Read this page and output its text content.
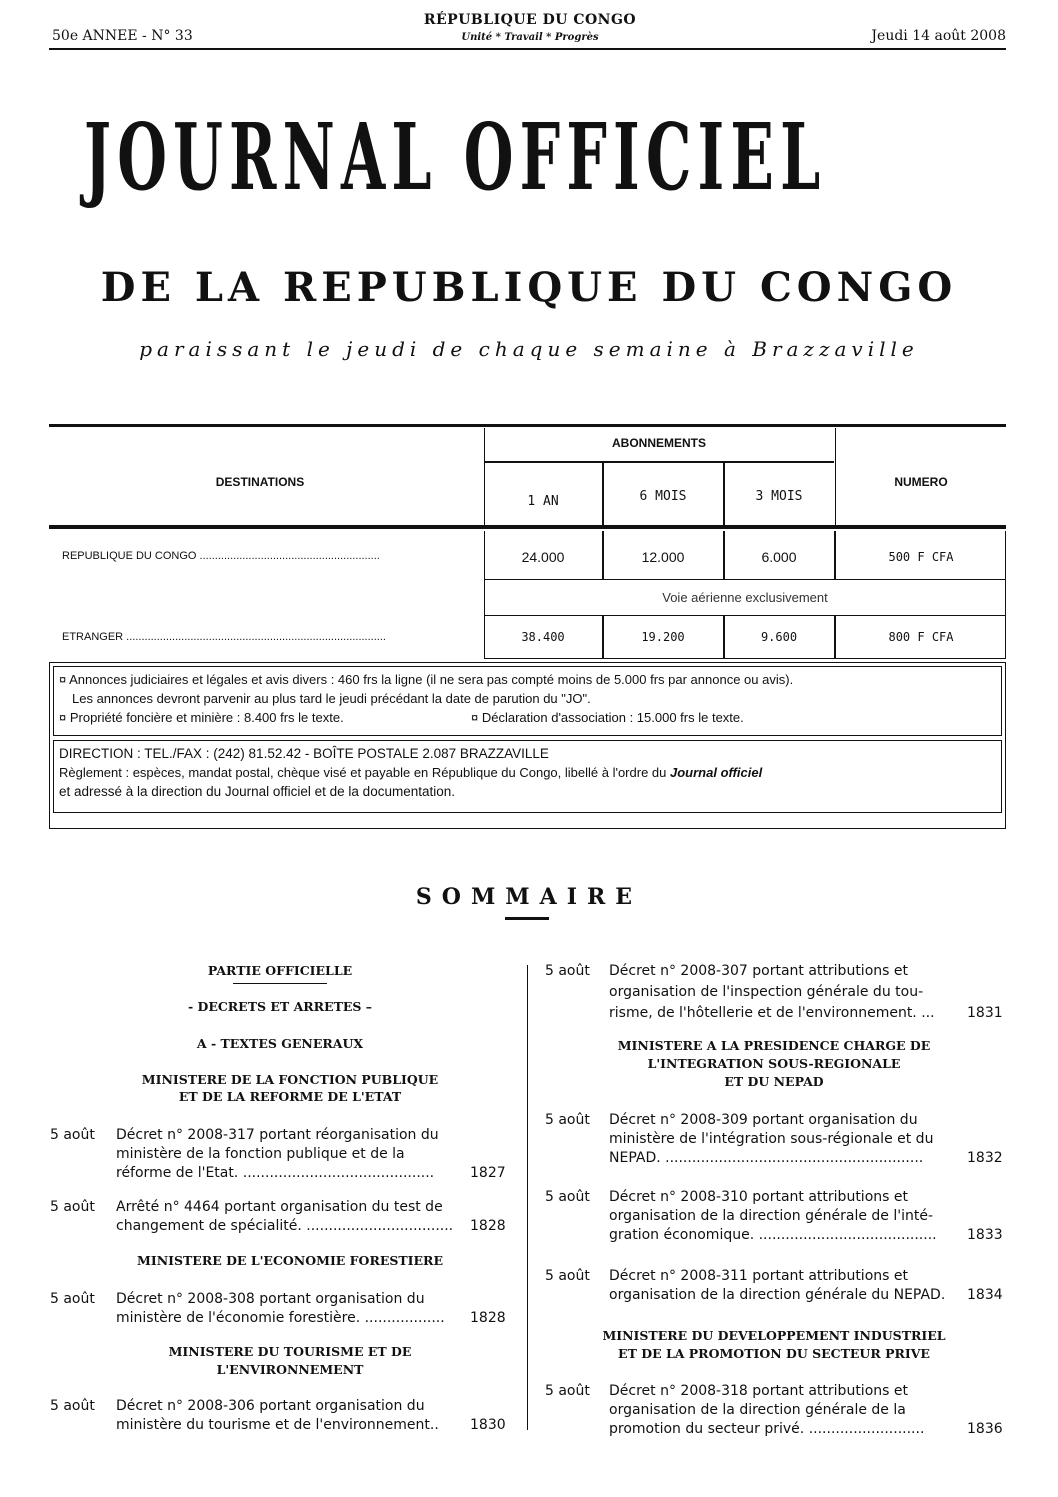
50e ANNEE - N° 33
RÉPUBLIQUE DU CONGO
Unité * Travail * Progrès	Jeudi 14 août 2008
JOURNAL OFFICIEL
DE LA REPUBLIQUE DU CONGO
paraissant le jeudi de chaque semaine à Brazzaville
ABONNEMENTS
1 AN	6 MOIS	3 MOIS
DESTINATIONS	NUMERO
REPUBLIQUE DU CONGO ...........................................................	24.000	12.000	6.000	500 F CFA
Voie aérienne exclusivement
ETRANGER .....................................................................................	38.400	19.200	9.600	800 F CFA
¤ Annonces judiciaires et légales et avis divers : 460 frs la ligne (il ne sera pas compté moins de 5.000 frs par annonce ou avis).
Les annonces devront parvenir au plus tard le jeudi précédant la date de parution du "JO".
¤ Propriété foncière et minière : 8.400 frs le texte.	¤ Déclaration d'association : 15.000 frs le texte.
DIRECTION : TEL./FAX : (242) 81.52.42 - BOÎTE POSTALE 2.087 BRAZZAVILLE
Règlement : espèces, mandat postal, chèque visé et payable en République du Congo, libellé à l'ordre du Journal officiel
et adressé à la direction du Journal officiel et de la documentation.
SOMMAIRE
PARTIE OFFICIELLE
- DECRETS ET ARRETES –
A - TEXTES GENERAUX
MINISTERE DE LA FONCTION PUBLIQUE
ET DE LA REFORME DE L'ETAT
5 août Décret n° 2008-317 portant réorganisation du
ministère de la fonction publique et de la
réforme de l'Etat. ...........................................	1827
5 août Arrêté n° 4464 portant organisation du test de
changement de spécialité. ................................. 1828
MINISTERE DE L'ECONOMIE FORESTIERE
5 août Décret n° 2008-308 portant organisation du
ministère de l'économie forestière. .................. 1828
MINISTERE DU TOURISME ET DE
L'ENVIRONNEMENT
5 août Décret n° 2008-306 portant organisation du
ministère du tourisme et de l'environnement.. 1830
5 août Décret n° 2008-307 portant attributions et
organisation de l'inspection générale du tou-
risme, de l'hôtellerie et de l'environnement. ... 1831
MINISTERE A LA PRESIDENCE CHARGE DE
L'INTEGRATION SOUS-REGIONALE
ET DU NEPAD
5 août Décret n° 2008-309 portant organisation du
ministère de l'intégration sous-régionale et du
NEPAD. ..........................................................	1832
5 août Décret n° 2008-310 portant attributions et
organisation de la direction générale de l'inté-
gration économique. ........................................ 1833
5 août Décret n° 2008-311 portant attributions et
organisation de la direction générale du NEPAD. 1834
MINISTERE DU DEVELOPPEMENT INDUSTRIEL
ET DE LA PROMOTION DU SECTEUR PRIVE
5 août Décret n° 2008-318 portant attributions et
organisation de la direction générale de la
promotion du secteur privé. ..........................	1836
